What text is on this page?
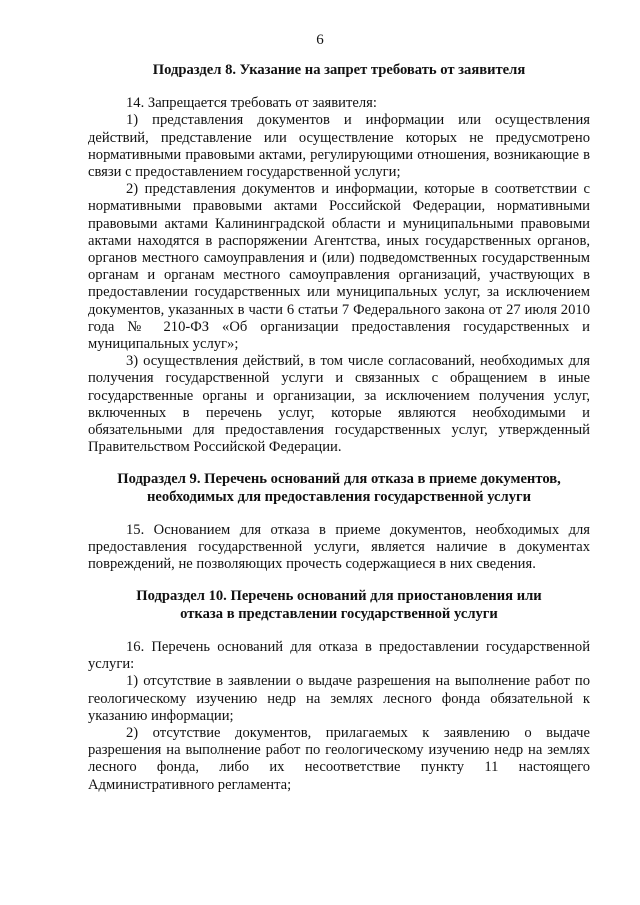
6

Подраздел 8. Указание на запрет требовать от заявителя

14. Запрещается требовать от заявителя:

1) представления документов и информации или осуществления действий, представление или осуществление которых не предусмотрено нормативными правовыми актами, регулирующими отношения, возникающие в связи с предоставлением государственной услуги;

2) представления документов и информации, которые в соответствии с нормативными правовыми актами Российской Федерации, нормативными правовыми актами Калининградской области и муниципальными правовыми актами находятся в распоряжении Агентства, иных государственных органов, органов местного самоуправления и (или) подведомственных государственным органам и органам местного самоуправления организаций, участвующих в предоставлении государственных или муниципальных услуг, за исключением документов, указанных в части 6 статьи 7 Федерального закона от 27 июля 2010 года № 210-ФЗ «Об организации предоставления государственных и муниципальных услуг»;

3) осуществления действий, в том числе согласований, необходимых для получения государственной услуги и связанных с обращением в иные государственные органы и организации, за исключением получения услуг, включенных в перечень услуг, которые являются необходимыми и обязательными для предоставления государственных услуг, утвержденный Правительством Российской Федерации.

Подраздел 9. Перечень оснований для отказа в приеме документов,
необходимых для предоставления государственной услуги

15. Основанием для отказа в приеме документов, необходимых для предоставления государственной услуги, является наличие в документах повреждений, не позволяющих прочесть содержащиеся в них сведения.

Подраздел 10. Перечень оснований для приостановления или
отказа в представлении государственной услуги

16. Перечень оснований для отказа в предоставлении государственной услуги:

1) отсутствие в заявлении о выдаче разрешения на выполнение работ по геологическому изучению недр на землях лесного фонда обязательной к указанию информации;

2) отсутствие документов, прилагаемых к заявлению о выдаче разрешения на выполнение работ по геологическому изучению недр на землях лесного фонда, либо их несоответствие пункту 11 настоящего Административного регламента;
